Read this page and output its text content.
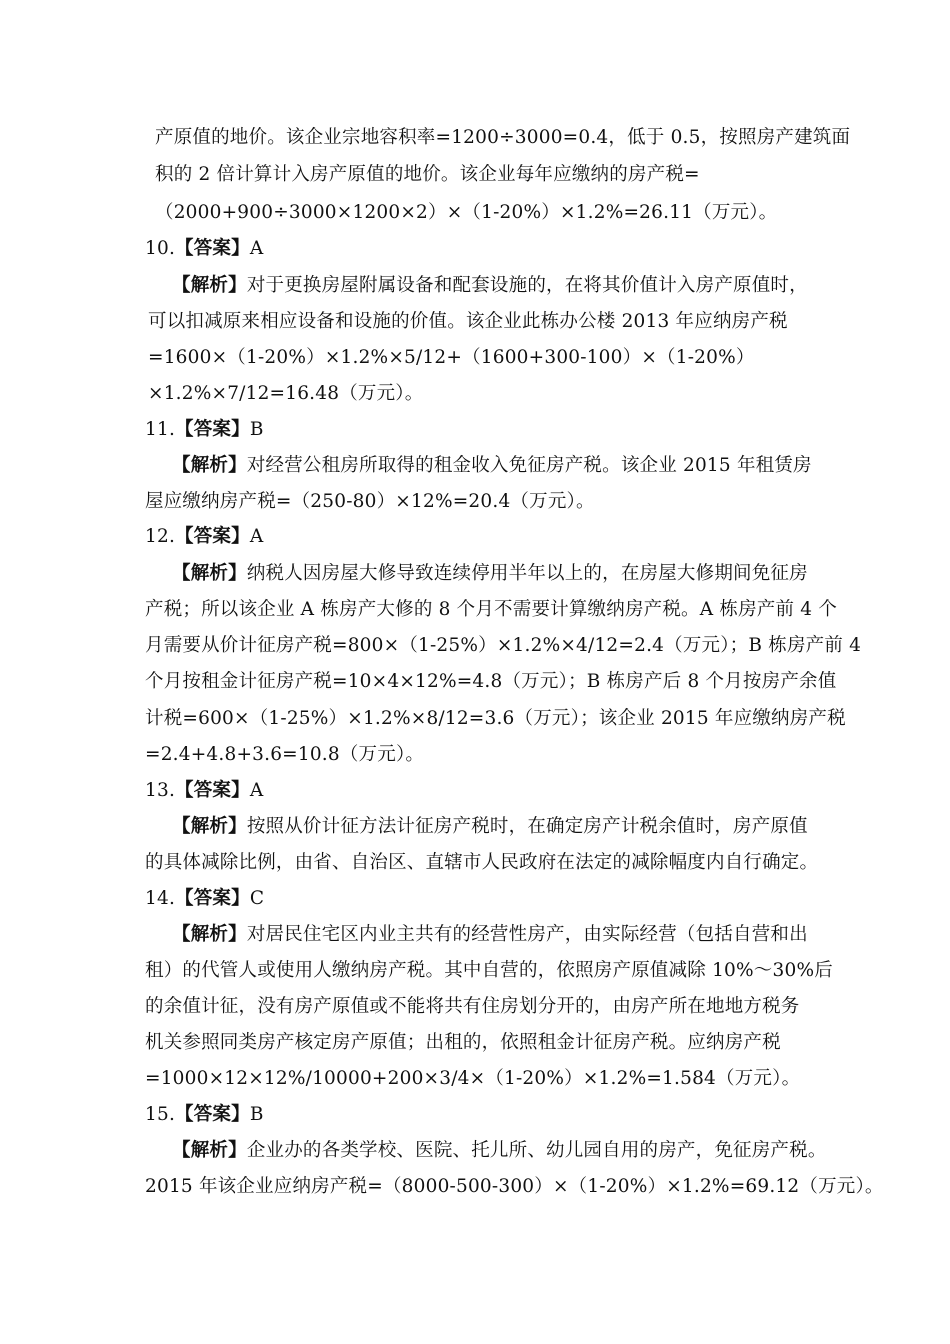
产原值的地价。该企业宗地容积率=1200÷3000=0.4，低于 0.5，按照房产建筑面
积的 2 倍计算计入房产原值的地价。该企业每年应缴纳的房产税=
（2000+900÷3000×1200×2）×（1-20%）×1.2%=26.11（万元）。
10.【答案】A
【解析】对于更换房屋附属设备和配套设施的，在将其价值计入房产原值时，
可以扣减原来相应设备和设施的价值。该企业此栋办公楼 2013 年应纳房产税
=1600×（1-20%）×1.2%×5/12+（1600+300-100）×（1-20%）
×1.2%×7/12=16.48（万元）。
11.【答案】B
【解析】对经营公租房所取得的租金收入免征房产税。该企业 2015 年租赁房
屋应缴纳房产税=（250-80）×12%=20.4（万元）。
12.【答案】A
【解析】纳税人因房屋大修导致连续停用半年以上的，在房屋大修期间免征房
产税；所以该企业 A 栋房产大修的 8 个月不需要计算缴纳房产税。A 栋房产前 4 个
月需要从价计征房产税=800×（1-25%）×1.2%×4/12=2.4（万元）；B 栋房产前 4
个月按租金计征房产税=10×4×12%=4.8（万元）；B 栋房产后 8 个月按房产余值
计税=600×（1-25%）×1.2%×8/12=3.6（万元）；该企业 2015 年应缴纳房产税
=2.4+4.8+3.6=10.8（万元）。
13.【答案】A
【解析】按照从价计征方法计征房产税时，在确定房产计税余值时，房产原值
的具体减除比例，由省、自治区、直辖市人民政府在法定的减除幅度内自行确定。
14.【答案】C
【解析】对居民住宅区内业主共有的经营性房产，由实际经营（包括自营和出
租）的代管人或使用人缴纳房产税。其中自营的，依照房产原值减除 10%～30%后
的余值计征，没有房产原值或不能将共有住房划分开的，由房产所在地地方税务
机关参照同类房产核定房产原值；出租的，依照租金计征房产税。应纳房产税
=1000×12×12%/10000+200×3/4×（1-20%）×1.2%=1.584（万元）。
15.【答案】B
【解析】企业办的各类学校、医院、托儿所、幼儿园自用的房产，免征房产税。
2015 年该企业应纳房产税=（8000-500-300）×（1-20%）×1.2%=69.12（万元）。
